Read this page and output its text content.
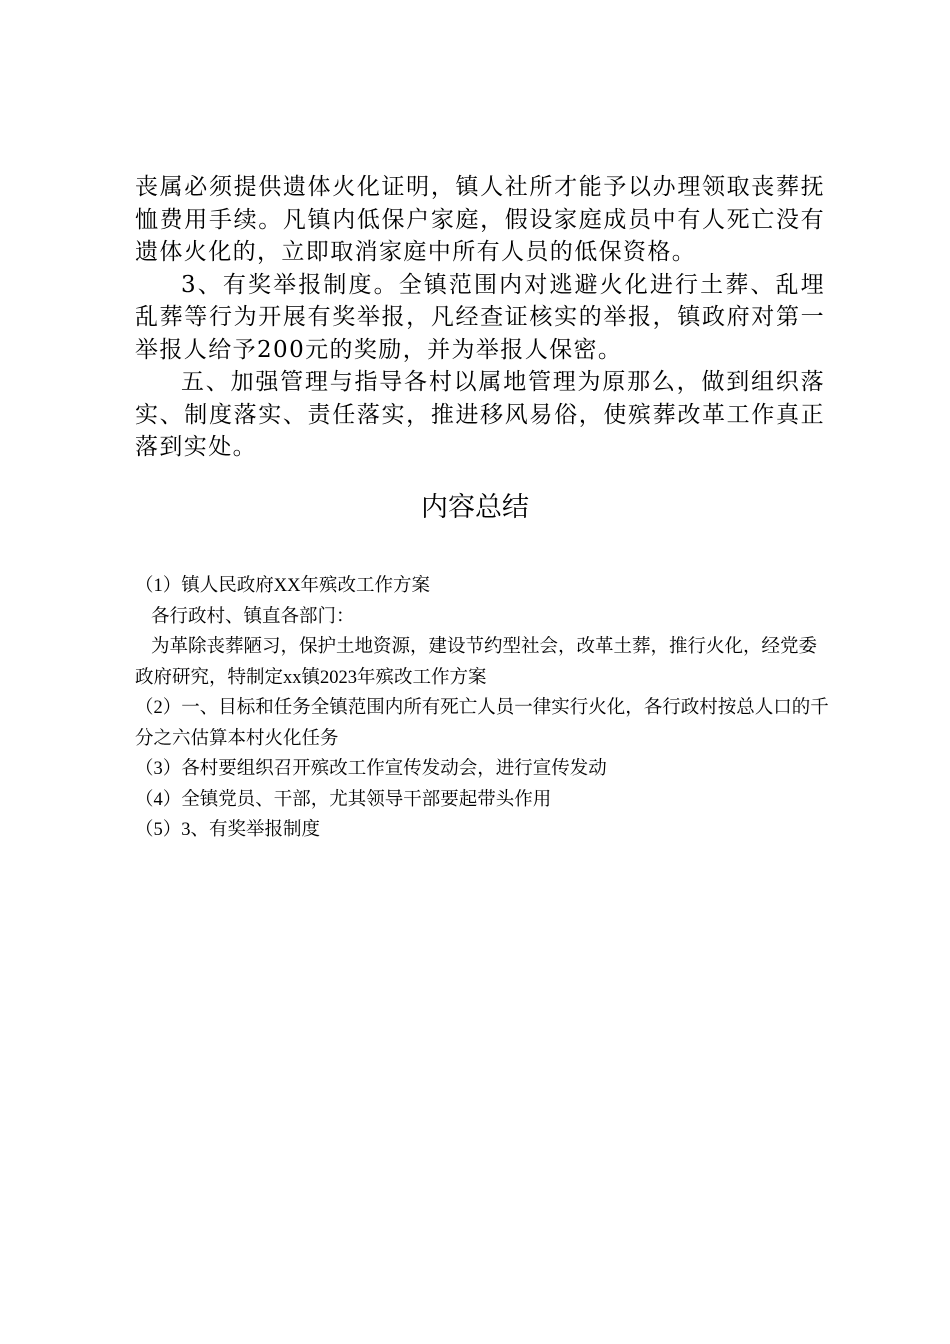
丧属必须提供遗体火化证明，镇人社所才能予以办理领取丧葬抚恤费用手续。凡镇内低保户家庭，假设家庭成员中有人死亡没有遗体火化的，立即取消家庭中所有人员的低保资格。

3、有奖举报制度。全镇范围内对逃避火化进行土葬、乱埋乱葬等行为开展有奖举报，凡经查证核实的举报，镇政府对第一举报人给予200元的奖励，并为举报人保密。

五、加强管理与指导各村以属地管理为原那么，做到组织落实、制度落实、责任落实，推进移风易俗，使殡葬改革工作真正落到实处。

内容总结

（1）镇人民政府XX年殡改工作方案

各行政村、镇直各部门：

为革除丧葬陋习，保护土地资源，建设节约型社会，改革土葬，推行火化，经党委政府研究，特制定xx镇2023年殡改工作方案

（2）一、目标和任务全镇范围内所有死亡人员一律实行火化，各行政村按总人口的千分之六估算本村火化任务

（3）各村要组织召开殡改工作宣传发动会，进行宣传发动

（4）全镇党员、干部，尤其领导干部要起带头作用

（5）3、有奖举报制度
